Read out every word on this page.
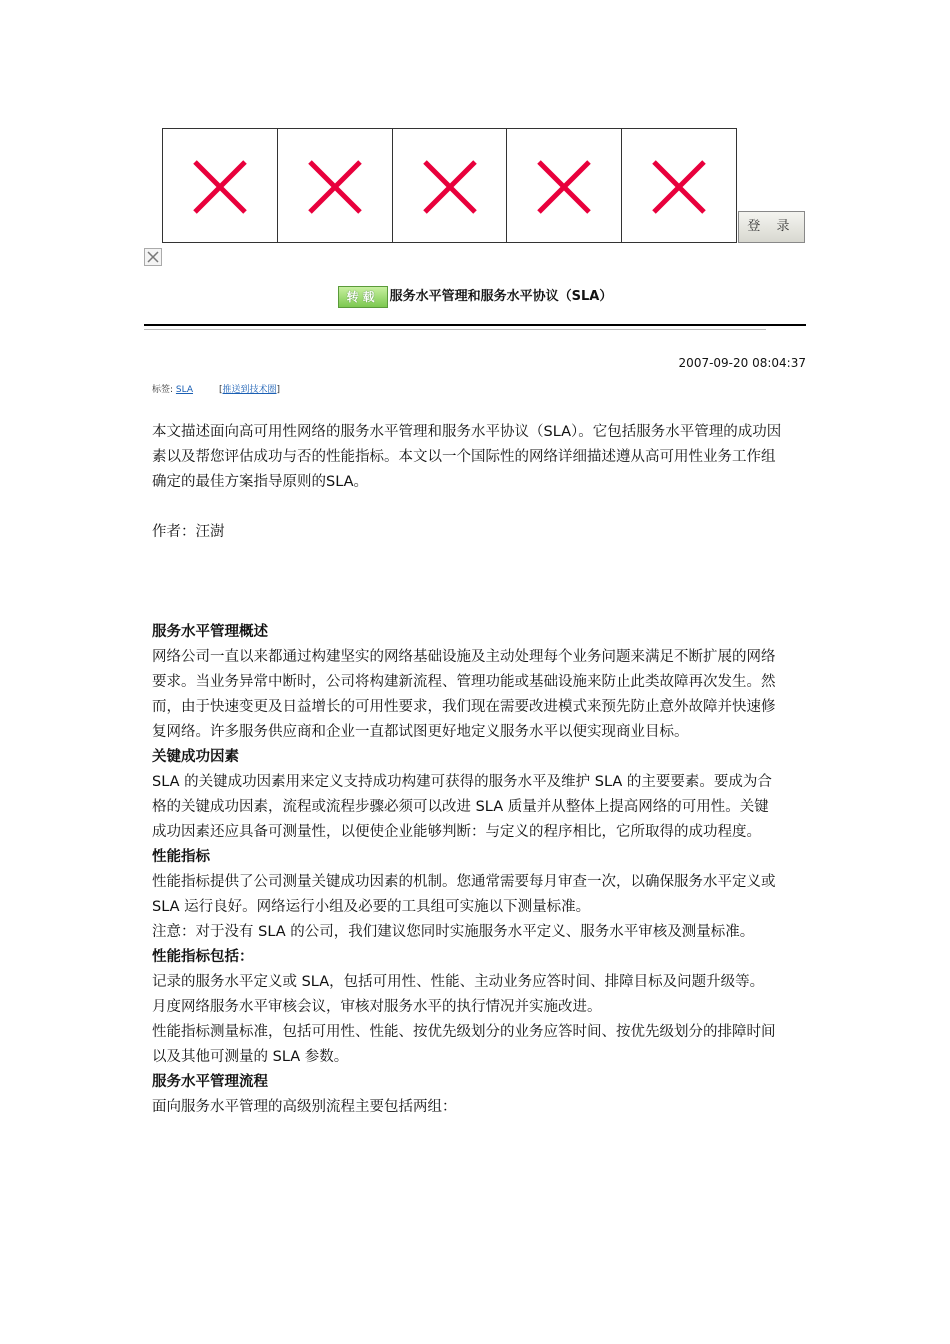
登 录
转载 服务水平管理和服务水平协议（SLA）
2007-09-20 08:04:37
标签: SLA	[推送到技术圈]

本文描述面向高可用性网络的服务水平管理和服务水平协议（SLA）。它包括服务水平管理的成功因素以及帮您评估成功与否的性能指标。本文以一个国际性的网络详细描述遵从高可用性业务工作组确定的最佳方案指导原则的SLA。

作者：汪澍

服务水平管理概述

网络公司一直以来都通过构建坚实的网络基础设施及主动处理每个业务问题来满足不断扩展的网络要求。当业务异常中断时，公司将构建新流程、管理功能或基础设施来防止此类故障再次发生。然而，由于快速变更及日益增长的可用性要求，我们现在需要改进模式来预先防止意外故障并快速修复网络。许多服务供应商和企业一直都试图更好地定义服务水平以便实现商业目标。

关键成功因素

SLA 的关键成功因素用来定义支持成功构建可获得的服务水平及维护 SLA 的主要要素。要成为合格的关键成功因素，流程或流程步骤必须可以改进 SLA 质量并从整体上提高网络的可用性。关键成功因素还应具备可测量性，以便使企业能够判断：与定义的程序相比，它所取得的成功程度。

性能指标

性能指标提供了公司测量关键成功因素的机制。您通常需要每月审查一次，以确保服务水平定义或 SLA 运行良好。网络运行小组及必要的工具组可实施以下测量标准。

注意：对于没有 SLA 的公司，我们建议您同时实施服务水平定义、服务水平审核及测量标准。

性能指标包括：

记录的服务水平定义或 SLA，包括可用性、性能、主动业务应答时间、排障目标及问题升级等。

月度网络服务水平审核会议，审核对服务水平的执行情况并实施改进。

性能指标测量标准，包括可用性、性能、按优先级划分的业务应答时间、按优先级划分的排障时间以及其他可测量的 SLA 参数。

服务水平管理流程

面向服务水平管理的高级别流程主要包括两组：
